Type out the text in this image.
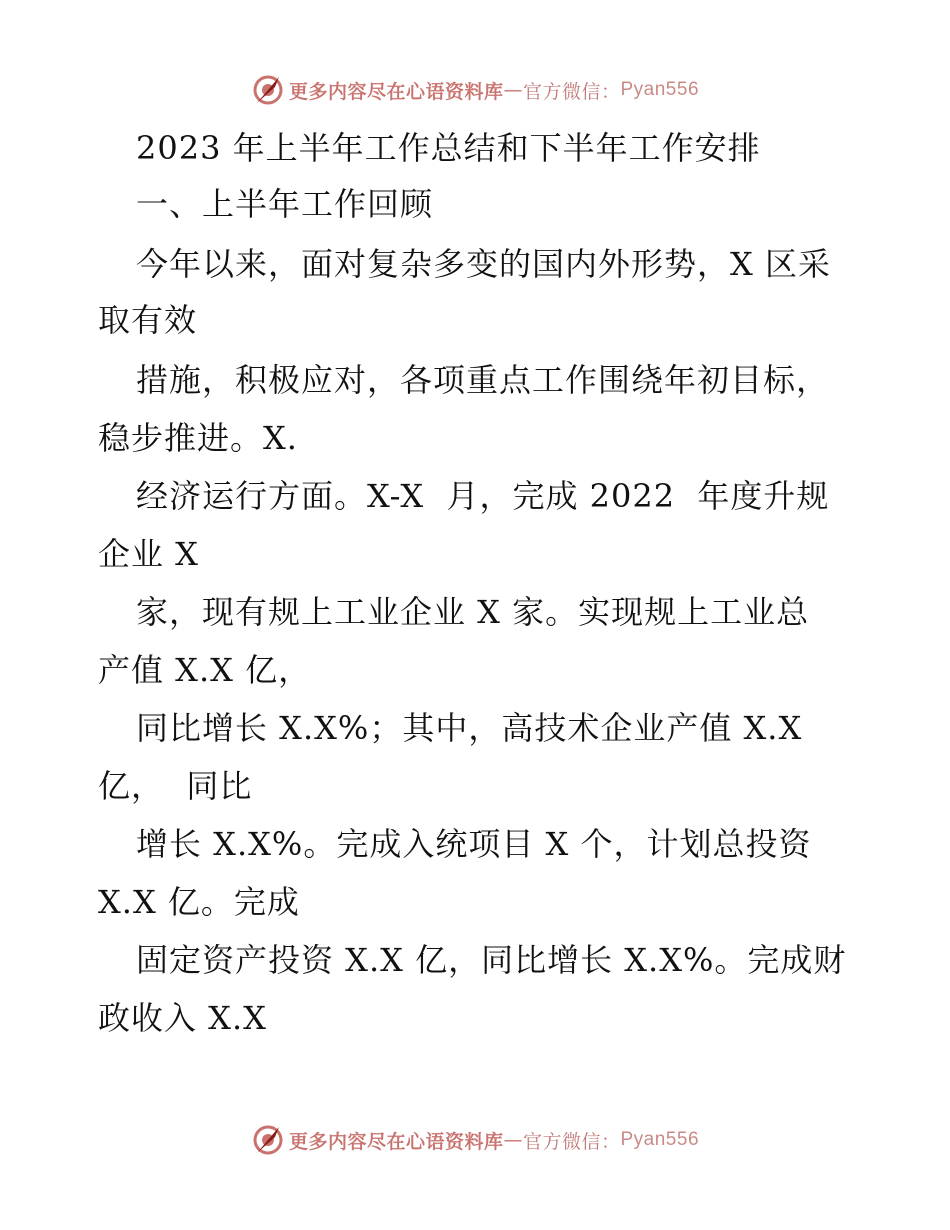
更多内容尽在心语资料库 — 官方微信： Pyan556
2023 年上半年工作总结和下半年工作安排
一、上半年工作回顾
今年以来，面对复杂多变的国内外形势，X 区采
取有效
措施，积极应对，各项重点工作围绕年初目标，
稳步推进。X.
经济运行方面。X-X  月，完成 2022  年度升规
企业 X
家，现有规上工业企业 X 家。实现规上工业总
产值 X.X 亿，
同比增长 X.X%；其中，高技术企业产值 X.X
亿，  同比
增长 X.X%。完成入统项目 X 个，计划总投资
X.X 亿。完成
固定资产投资 X.X 亿，同比增长 X.X%。完成财
政收入 X.X
更多内容尽在心语资料库 — 官方微信： Pyan556
